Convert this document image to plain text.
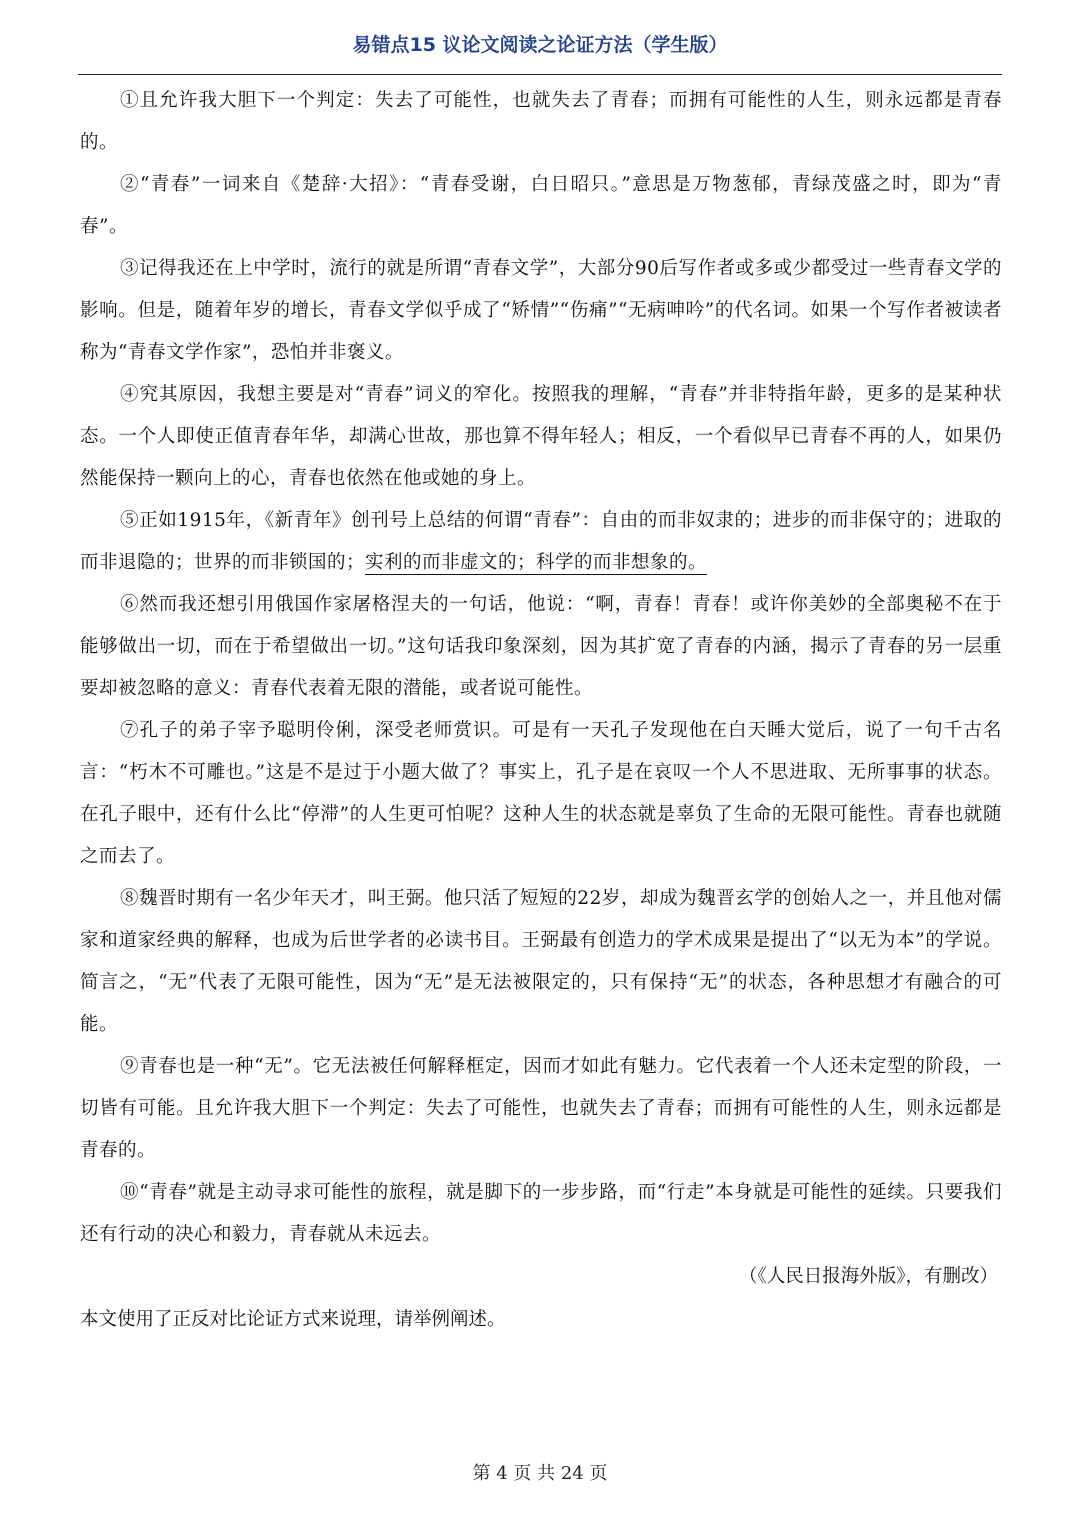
易错点15 议论文阅读之论证方法（学生版）

①且允许我大胆下一个判定：失去了可能性，也就失去了青春；而拥有可能性的人生，则永远都是青春的。

②“青春”一词来自《楚辞·大招》：“青春受谢，白日昭只。”意思是万物葱郁，青绿茂盛之时，即为“青春”。

③记得我还在上中学时，流行的就是所谓“青春文学”，大部分90后写作者或多或少都受过一些青春文学的影响。但是，随着年岁的增长，青春文学似乎成了“矫情”“伤痛”“无病呻吟”的代名词。如果一个写作者被读者称为“青春文学作家”，恐怕并非褒义。

④究其原因，我想主要是对“青春”词义的窄化。按照我的理解，“青春”并非特指年龄，更多的是某种状态。一个人即使正值青春年华，却满心世故，那也算不得年轻人；相反，一个看似早已青春不再的人，如果仍然能保持一颗向上的心，青春也依然在他或她的身上。

⑤正如1915年，《新青年》创刊号上总结的何谓“青春”：自由的而非奴隶的；进步的而非保守的；进取的而非退隐的；世界的而非锁国的；实利的而非虚文的；科学的而非想象的。

⑥然而我还想引用俄国作家屠格涅夫的一句话，他说：“啊，青春！青春！或许你美妙的全部奥秘不在于能够做出一切，而在于希望做出一切。”这句话我印象深刻，因为其扩宽了青春的内涵，揭示了青春的另一层重要却被忽略的意义：青春代表着无限的潜能，或者说可能性。

⑦孔子的弟子宰予聪明伶俐，深受老师赏识。可是有一天孔子发现他在白天睡大觉后，说了一句千古名言：“朽木不可雕也。”这是不是过于小题大做了？事实上，孔子是在哀叹一个人不思进取、无所事事的状态。在孔子眼中，还有什么比“停滞”的人生更可怕呢？这种人生的状态就是辜负了生命的无限可能性。青春也就随之而去了。

⑧魏晋时期有一名少年天才，叫王弼。他只活了短短的22岁，却成为魏晋玄学的创始人之一，并且他对儒家和道家经典的解释，也成为后世学者的必读书目。王弼最有创造力的学术成果是提出了“以无为本”的学说。简言之，“无”代表了无限可能性，因为“无”是无法被限定的，只有保持“无”的状态，各种思想才有融合的可能。

⑨青春也是一种“无”。它无法被任何解释框定，因而才如此有魅力。它代表着一个人还未定型的阶段，一切皆有可能。且允许我大胆下一个判定：失去了可能性，也就失去了青春；而拥有可能性的人生，则永远都是青春的。

⑩“青春”就是主动寻求可能性的旅程，就是脚下的一步步路，而“行走”本身就是可能性的延续。只要我们还有行动的决心和毅力，青春就从未远去。

（《人民日报海外版》，有删改）

本文使用了正反对比论证方式来说理，请举例阐述。

第 4 页 共 24 页
